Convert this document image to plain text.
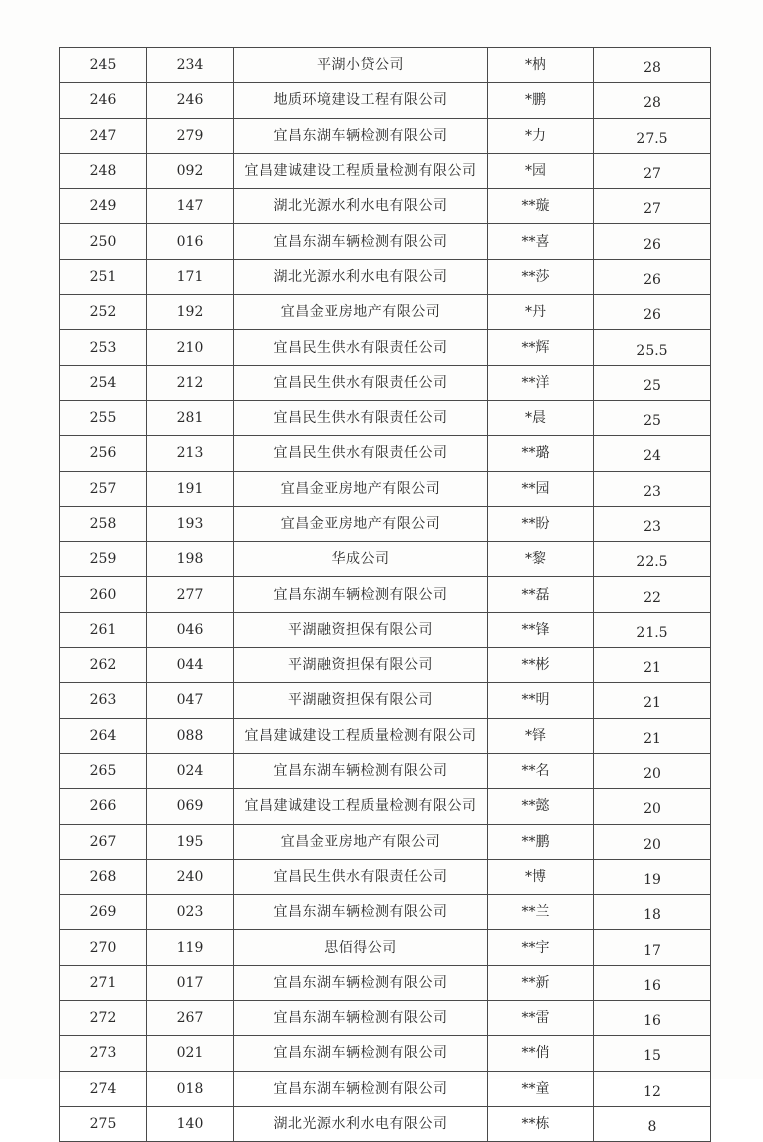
245	234	平湖小贷公司	*枘	28
246	246	地质环境建设工程有限公司	*鹏	28
247	279	宜昌东湖车辆检测有限公司	*力	27.5
248	092	宜昌建诚建设工程质量检测有限公司	*园	27
249	147	湖北光源水利水电有限公司	**璇	27
250	016	宜昌东湖车辆检测有限公司	**喜	26
251	171	湖北光源水利水电有限公司	**莎	26
252	192	宜昌金亚房地产有限公司	*丹	26
253	210	宜昌民生供水有限责任公司	**辉	25.5
254	212	宜昌民生供水有限责任公司	**洋	25
255	281	宜昌民生供水有限责任公司	*晨	25
256	213	宜昌民生供水有限责任公司	**璐	24
257	191	宜昌金亚房地产有限公司	**园	23
258	193	宜昌金亚房地产有限公司	**盼	23
259	198	华成公司	*黎	22.5
260	277	宜昌东湖车辆检测有限公司	**磊	22
261	046	平湖融资担保有限公司	**锋	21.5
262	044	平湖融资担保有限公司	**彬	21
263	047	平湖融资担保有限公司	**明	21
264	088	宜昌建诚建设工程质量检测有限公司	*铎	21
265	024	宜昌东湖车辆检测有限公司	**名	20
266	069	宜昌建诚建设工程质量检测有限公司	**懿	20
267	195	宜昌金亚房地产有限公司	**鹏	20
268	240	宜昌民生供水有限责任公司	*博	19
269	023	宜昌东湖车辆检测有限公司	**兰	18
270	119	思佰得公司	**宇	17
271	017	宜昌东湖车辆检测有限公司	**新	16
272	267	宜昌东湖车辆检测有限公司	**雷	16
273	021	宜昌东湖车辆检测有限公司	**俏	15
274	018	宜昌东湖车辆检测有限公司	**童	12
275	140	湖北光源水利水电有限公司	**栋	8
